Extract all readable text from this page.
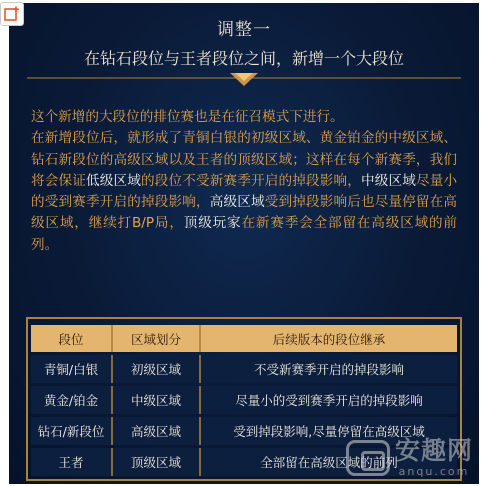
调整一
在钻石段位与王者段位之间，新增一个大段位

这个新增的大段位的排位赛也是在征召模式下进行。

在新增段位后，就形成了青铜白银的初级区域、黄金铂金的中级区域、钻石新段位的高级区域以及王者的顶级区域；这样在每个新赛季，我们将会保证低级区域的段位不受新赛季开启的掉段影响，中级区域尽量小的受到赛季开启的掉段影响，高级区域受到掉段影响后也尽量停留在高级区域，继续打B/P局，顶级玩家在新赛季会全部留在高级区域的前列。

段位	区域划分	后续版本的段位继承
青铜/白银	初级区域	不受新赛季开启的掉段影响
黄金/铂金	中级区域	尽量小的受到赛季开启的掉段影响
钻石/新段位	高级区域	受到掉段影响,尽量停留在高级区域
王者	顶级区域	全部留在高级区域的前列
安趣网
anqu.com
